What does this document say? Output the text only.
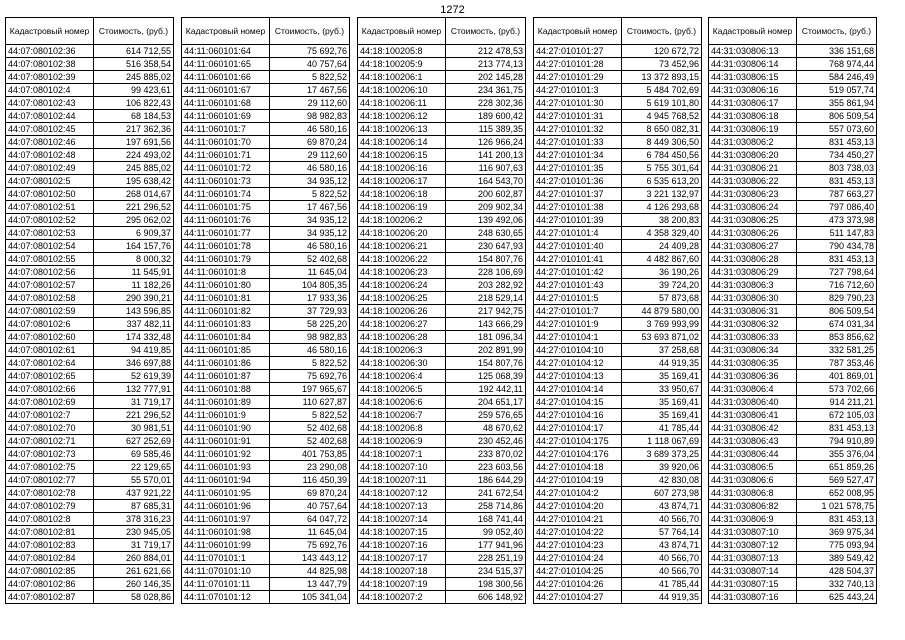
1272
Кадастровый номер	Стоимость, (руб.)
44:07:080102:36	614 712,55
44:07:080102:38	516 358,54
44:07:080102:39	245 885,02
44:07:080102:4	99 423,61
44:07:080102:43	106 822,43
44:07:080102:44	68 184,53
44:07:080102:45	217 362,36
44:07:080102:46	197 691,56
44:07:080102:48	224 493,02
44:07:080102:49	245 885,02
44:07:080102:5	195 638,42
44:07:080102:50	268 014,67
44:07:080102:51	221 296,52
44:07:080102:52	295 062,02
44:07:080102:53	6 909,37
44:07:080102:54	164 157,76
44:07:080102:55	8 000,32
44:07:080102:56	11 545,91
44:07:080102:57	11 182,26
44:07:080102:58	290 390,21
44:07:080102:59	143 596,85
44:07:080102:6	337 482,11
44:07:080102:60	174 332,48
44:07:080102:61	94 419,85
44:07:080102:64	346 697,88
44:07:080102:65	52 619,39
44:07:080102:66	132 777,91
44:07:080102:69	31 719,17
44:07:080102:7	221 296,52
44:07:080102:70	30 981,51
44:07:080102:71	627 252,69
44:07:080102:73	69 585,46
44:07:080102:75	22 129,65
44:07:080102:77	55 570,01
44:07:080102:78	437 921,22
44:07:080102:79	87 685,31
44:07:080102:8	378 316,23
44:07:080102:81	230 945,05
44:07:080102:83	31 719,17
44:07:080102:84	260 884,01
44:07:080102:85	261 621,66
44:07:080102:86	260 146,35
44:07:080102:87	58 028,86
Кадастровый номер	Стоимость, (руб.)
44:11:060101:64	75 692,76
44:11:060101:65	40 757,64
44:11:060101:66	5 822,52
44:11:060101:67	17 467,56
44:11:060101:68	29 112,60
44:11:060101:69	98 982,83
44:11:060101:7	46 580,16
44:11:060101:70	69 870,24
44:11:060101:71	29 112,60
44:11:060101:72	46 580,16
44:11:060101:73	34 935,12
44:11:060101:74	5 822,52
44:11:060101:75	17 467,56
44:11:060101:76	34 935,12
44:11:060101:77	34 935,12
44:11:060101:78	46 580,16
44:11:060101:79	52 402,68
44:11:060101:8	11 645,04
44:11:060101:80	104 805,35
44:11:060101:81	17 933,36
44:11:060101:82	37 729,93
44:11:060101:83	58 225,20
44:11:060101:84	98 982,83
44:11:060101:85	46 580,16
44:11:060101:86	5 822,52
44:11:060101:87	75 692,76
44:11:060101:88	197 965,67
44:11:060101:89	110 627,87
44:11:060101:9	5 822,52
44:11:060101:90	52 402,68
44:11:060101:91	52 402,68
44:11:060101:92	401 753,85
44:11:060101:93	23 290,08
44:11:060101:94	116 450,39
44:11:060101:95	69 870,24
44:11:060101:96	40 757,64
44:11:060101:97	64 047,72
44:11:060101:98	11 645,04
44:11:060101:99	75 692,76
44:11:070101:1	143 443,12
44:11:070101:10	44 825,98
44:11:070101:11	13 447,79
44:11:070101:12	105 341,04
Кадастровый номер	Стоимость, (руб.)
44:18:100205:8	212 478,53
44:18:100205:9	213 774,13
44:18:100206:1	202 145,28
44:18:100206:10	234 361,75
44:18:100206:11	228 302,36
44:18:100206:12	189 600,42
44:18:100206:13	115 389,35
44:18:100206:14	126 966,24
44:18:100206:15	141 200,13
44:18:100206:16	116 907,63
44:18:100206:17	164 543,70
44:18:100206:18	200 602,87
44:18:100206:19	209 902,34
44:18:100206:2	139 492,06
44:18:100206:20	248 630,65
44:18:100206:21	230 647,93
44:18:100206:22	154 807,76
44:18:100206:23	228 106,69
44:18:100206:24	203 282,92
44:18:100206:25	218 529,14
44:18:100206:26	217 942,75
44:18:100206:27	143 666,29
44:18:100206:28	181 096,34
44:18:100206:3	202 891,99
44:18:100206:30	154 807,76
44:18:100206:4	125 068,39
44:18:100206:5	192 442,11
44:18:100206:6	204 651,17
44:18:100206:7	259 576,65
44:18:100206:8	48 670,62
44:18:100206:9	230 452,46
44:18:100207:1	233 870,02
44:18:100207:10	223 603,56
44:18:100207:11	186 644,29
44:18:100207:12	241 672,54
44:18:100207:13	258 714,86
44:18:100207:14	168 741,44
44:18:100207:15	99 052,40
44:18:100207:16	177 941,96
44:18:100207:17	228 251,19
44:18:100207:18	234 515,37
44:18:100207:19	198 300,56
44:18:100207:2	606 148,92
Кадастровый номер	Стоимость, (руб.)
44:27:010101:27	120 672,72
44:27:010101:28	73 452,96
44:27:010101:29	13 372 893,15
44:27:010101:3	5 484 702,69
44:27:010101:30	5 619 101,80
44:27:010101:31	4 945 768,52
44:27:010101:32	8 650 082,31
44:27:010101:33	8 449 306,50
44:27:010101:34	6 784 450,56
44:27:010101:35	5 755 301,64
44:27:010101:36	6 535 613,20
44:27:010101:37	3 221 132,97
44:27:010101:38	4 126 293,68
44:27:010101:39	38 200,83
44:27:010101:4	4 358 329,40
44:27:010101:40	24 409,28
44:27:010101:41	4 482 867,60
44:27:010101:42	36 190,26
44:27:010101:43	39 724,20
44:27:010101:5	57 873,68
44:27:010101:7	44 879 580,00
44:27:010101:9	3 769 993,99
44:27:010104:1	53 693 871,02
44:27:010104:10	37 258,68
44:27:010104:12	44 919,35
44:27:010104:13	35 169,41
44:27:010104:14	33 950,67
44:27:010104:15	35 169,41
44:27:010104:16	35 169,41
44:27:010104:17	41 785,44
44:27:010104:175	1 118 067,69
44:27:010104:176	3 689 373,25
44:27:010104:18	39 920,06
44:27:010104:19	42 830,08
44:27:010104:2	607 273,98
44:27:010104:20	43 874,71
44:27:010104:21	40 566,70
44:27:010104:22	57 764,14
44:27:010104:23	43 874,71
44:27:010104:24	40 566,70
44:27:010104:25	40 566,70
44:27:010104:26	41 785,44
44:27:010104:27	44 919,35
Кадастровый номер	Стоимость, (руб.)
44:31:030806:13	336 151,68
44:31:030806:14	768 974,44
44:31:030806:15	584 246,49
44:31:030806:16	519 057,74
44:31:030806:17	355 861,94
44:31:030806:18	806 509,54
44:31:030806:19	557 073,60
44:31:030806:2	831 453,13
44:31:030806:20	734 450,27
44:31:030806:21	803 738,03
44:31:030806:22	831 453,13
44:31:030806:23	787 663,27
44:31:030806:24	797 086,40
44:31:030806:25	473 373,98
44:31:030806:26	511 147,83
44:31:030806:27	790 434,78
44:31:030806:28	831 453,13
44:31:030806:29	727 798,64
44:31:030806:3	716 712,60
44:31:030806:30	829 790,23
44:31:030806:31	806 509,54
44:31:030806:32	674 031,34
44:31:030806:33	853 856,62
44:31:030806:34	332 581,25
44:31:030806:35	787 353,46
44:31:030806:36	401 869,01
44:31:030806:4	573 702,66
44:31:030806:40	914 211,21
44:31:030806:41	672 105,03
44:31:030806:42	831 453,13
44:31:030806:43	794 910,89
44:31:030806:44	355 376,04
44:31:030806:5	651 859,26
44:31:030806:6	569 527,47
44:31:030806:8	652 008,95
44:31:030806:82	1 021 578,75
44:31:030806:9	831 453,13
44:31:030807:10	369 975,34
44:31:030807:12	775 093,94
44:31:030807:13	389 549,42
44:31:030807:14	428 504,37
44:31:030807:15	332 740,13
44:31:030807:16	625 443,24
